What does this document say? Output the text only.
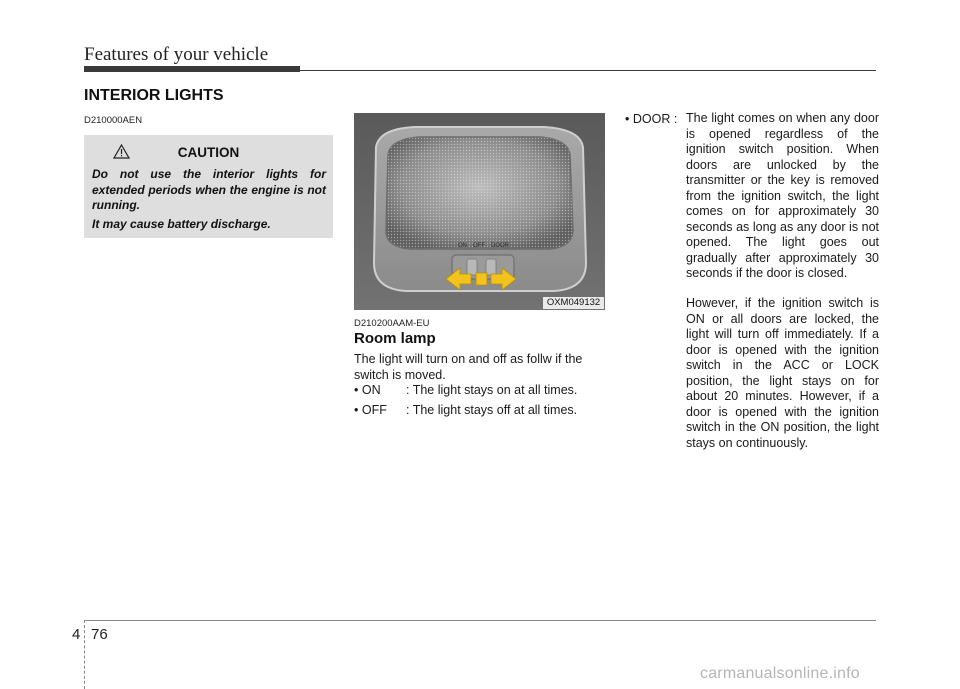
Features of your vehicle
INTERIOR LIGHTS
D210000AEN
CAUTION

Do not use the interior lights for extended periods when the engine is not running.

It may cause battery discharge.

ON OFF DOOR
OXM049132
D210200AAM-EU
Room lamp
The light will turn on and off as follw if the switch is moved.
• ON : The light stays on at all times.
• OFF : The light stays off at all times.
• DOOR : The light comes on when any door is opened regardless of the ignition switch position. When doors are unlocked by the transmitter or the key is removed from the ignition switch, the light comes on for approximately 30 seconds as long as any door is not opened. The light goes out gradually after approximately 30 seconds if the door is closed.
However, if the ignition switch is ON or all doors are locked, the light will turn off immediately. If a door is opened with the ignition switch in the ACC or LOCK position, the light stays on for about 20 minutes. However, if a door is opened with the ignition switch in the ON position, the light stays on continuously.
4 76
carmanualsonline.info
